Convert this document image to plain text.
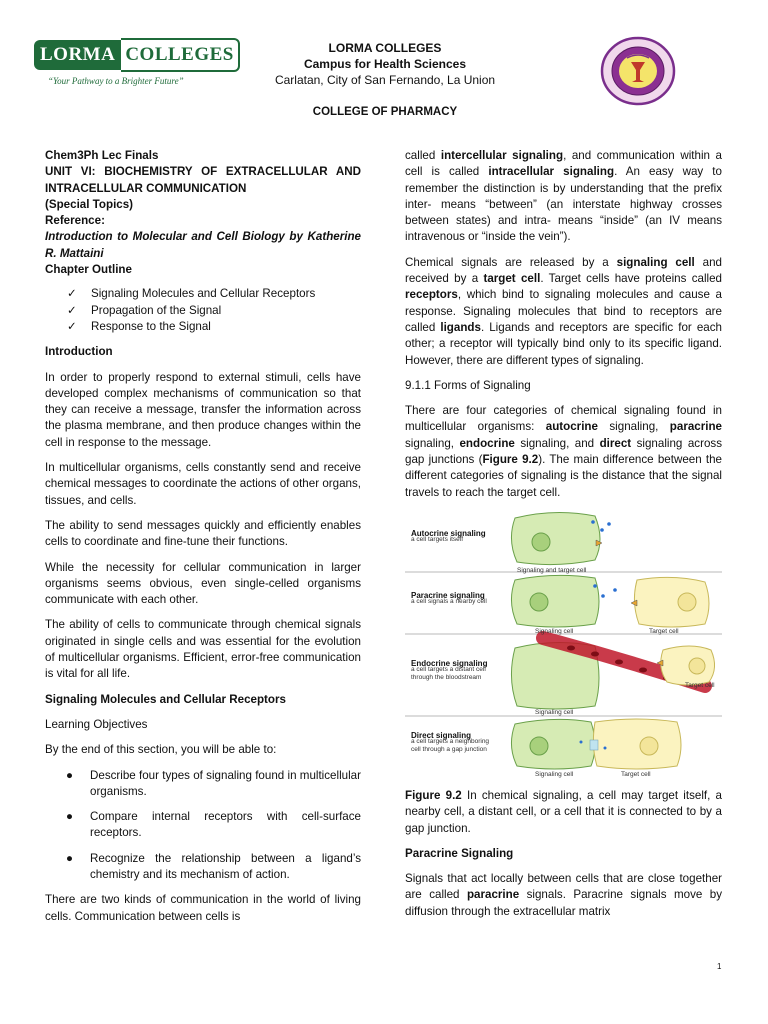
LORMA COLLEGES
“Your Pathway to a Brighter Future”
LORMA COLLEGES
Campus for Health Sciences
Carlatan, City of San Fernando, La Union
COLLEGE OF PHARMACY
Chem3Ph Lec Finals
UNIT VI: BIOCHEMISTRY OF EXTRACELLULAR AND INTRACELLULAR COMMUNICATION
(Special Topics)
Reference:
Introduction to Molecular and Cell Biology by Katherine R. Mattaini
Chapter Outline
✓	Signaling Molecules and Cellular Receptors
✓	Propagation of the Signal
✓	Response to the Signal
Introduction

In order to properly respond to external stimuli, cells have developed complex mechanisms of communication so that they can receive a message, transfer the information across the plasma membrane, and then produce changes within the cell in response to the message.

In multicellular organisms, cells constantly send and receive chemical messages to coordinate the actions of other organs, tissues, and cells.

The ability to send messages quickly and efficiently enables cells to coordinate and fine-tune their functions.

While the necessity for cellular communication in larger organisms seems obvious, even single-celled organisms communicate with each other.

The ability of cells to communicate through chemical signals originated in single cells and was essential for the evolution of multicellular organisms. Efficient, error-free communication is vital for all life.

Signaling Molecules and Cellular Receptors

Learning Objectives

By the end of this section, you will be able to:

●	Describe four types of signaling found in multicellular organisms.
●	Compare internal receptors with cell-surface receptors.
●	Recognize the relationship between a ligand’s chemistry and its mechanism of action.

There are two kinds of communication in the world of living cells. Communication between cells is

called intercellular signaling, and communication within a cell is called intracellular signaling. An easy way to remember the distinction is by understanding that the prefix inter- means “between” (an interstate highway crosses between states) and intra- means “inside” (an IV means intravenous or “inside the vein”).

Chemical signals are released by a signaling cell and received by a target cell. Target cells have proteins called receptors, which bind to signaling molecules and cause a response. Signaling molecules that bind to receptors are called ligands. Ligands and receptors are specific for each other; a receptor will typically bind only to its specific ligand. However, there are different types of signaling.

9.1.1 Forms of Signaling

There are four categories of chemical signaling found in multicellular organisms: autocrine signaling, paracrine signaling, endocrine signaling, and direct signaling across gap junctions (Figure 9.2). The main difference between the different categories of signaling is the distance that the signal travels to reach the target cell.

Autocrine signaling
a cell targets itself
Signaling and target cell
Paracrine signaling
a cell signals a nearby cell
Signaling cell	Target cell
Endocrine signaling
a cell targets a distant cell
through the bloodstream
Signaling cell
Target cell
Direct signaling
a cell targets a neighboring
cell through a gap junction
Signaling cell	Target cell

Figure 9.2 In chemical signaling, a cell may target itself, a nearby cell, a distant cell, or a cell that it is connected to by a gap junction.

Paracrine Signaling

Signals that act locally between cells that are close together are called paracrine signals. Paracrine signals move by diffusion through the extracellular matrix

1
